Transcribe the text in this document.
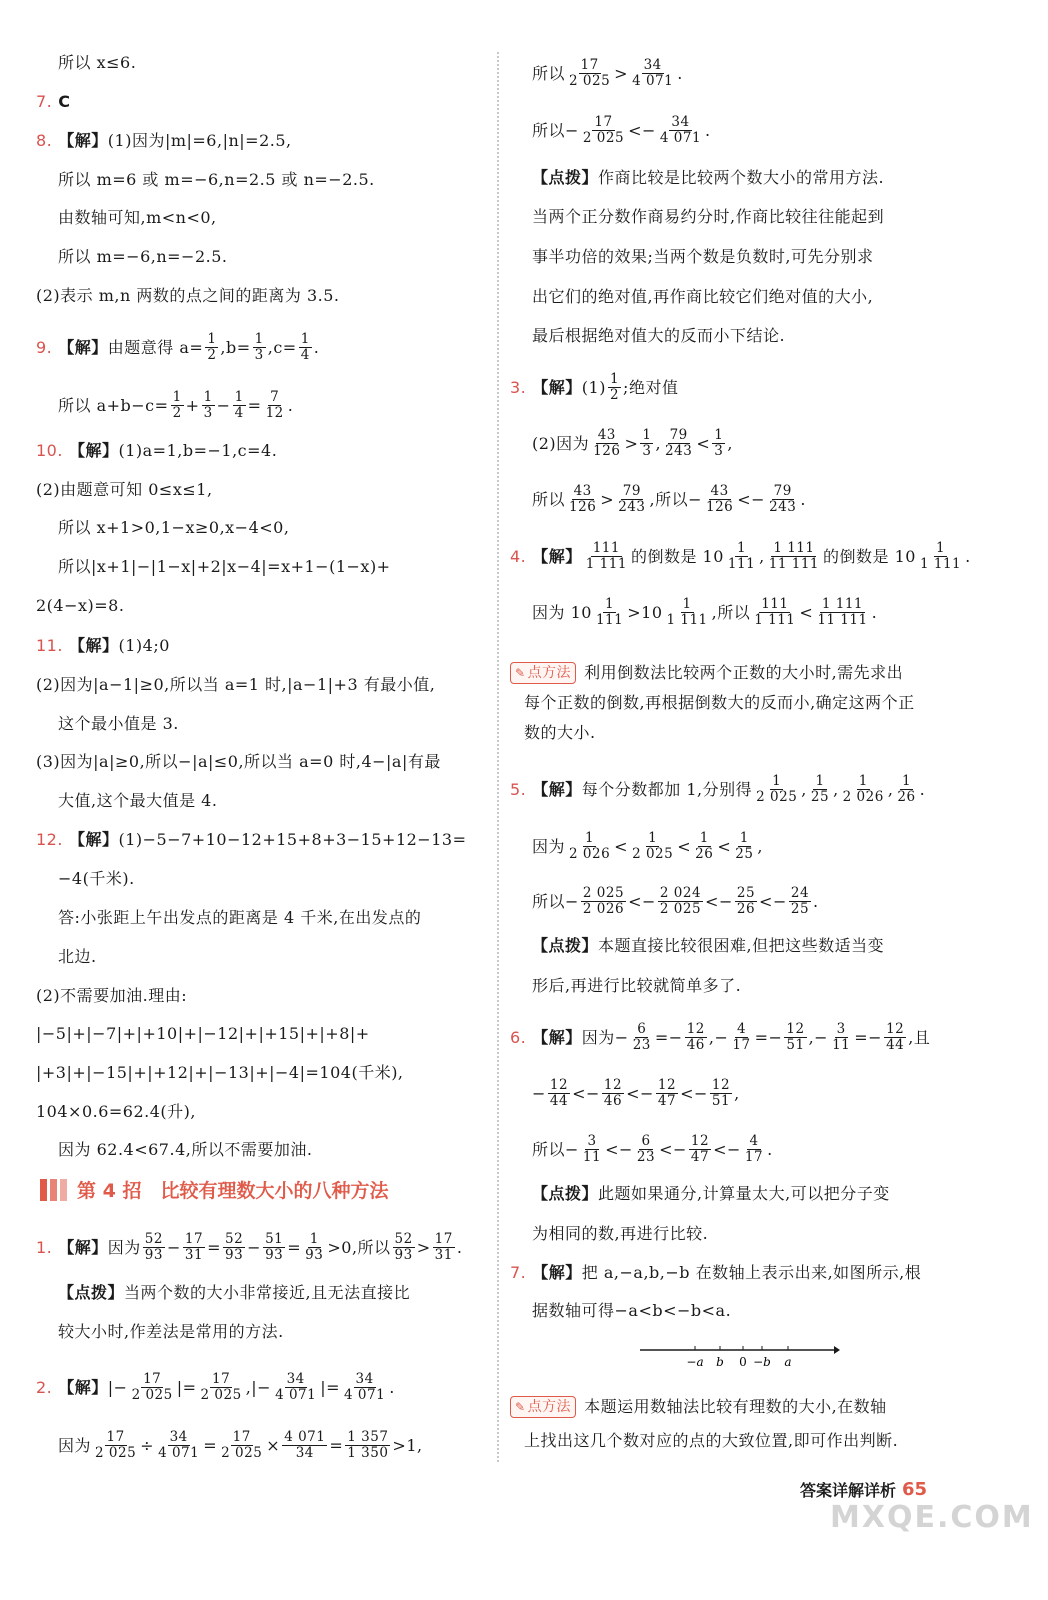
所以 x≤6.
7. C
8. 【解】 (1)因为|m|=6,|n|=2.5,
所以 m=6 或 m=−6,n=2.5 或 n=−2.5.
由数轴可知,m<n<0,
所以 m=−6,n=−2.5.
(2)表示 m,n 两数的点之间的距离为 3.5.
9. 【解】 由题意得 $a= \frac{1}{2} ,b= \frac{1}{3} ,c= \frac{1}{4}$ .
所以 $a+b-c= \frac{1}{2} + \frac{1}{3} - \frac{1}{4} = \frac{7}{12}$ .
10. 【解】 (1)a=1,b=−1,c=4.
(2)由题意可知 0≤x≤1,
所以 x+1>0,1−x≥0,x−4<0,
所以|x+1|−|1−x|+2|x−4|=x+1−(1−x)+
2(4−x)=8.
11. 【解】 (1)4;0
(2)因为|a−1|≥0,所以当 a=1 时,|a−1|+3 有最小值,
这个最小值是 3.
(3)因为|a|≥0,所以−|a|≤0,所以当 a=0 时,4−|a|有最
大值,这个最大值是 4.
12. 【解】 (1)−5−7+10−12+15+8+3−15+12−13=
−4(千米).
答:小张距上午出发点的距离是 4 千米,在出发点的
北边.
(2)不需要加油.理由:
|−5|+|−7|+|+10|+|−12|+|+15|+|+8|+
|+3|+|−15|+|+12|+|−13|+|−4|=104(千米),
104×0.6=62.4(升),
因为 62.4<67.4,所以不需要加油.
第 4 招　比较有理数大小的八种方法
1. 【解】 因为 $\frac{52}{93} - \frac{17}{31} = \frac{52}{93} - \frac{51}{93} = \frac{1}{93} >0$,所以 $\frac{52}{93} > \frac{17}{31}$ .
【点拨】 当两个数的大小非常接近,且无法直接比
较大小时,作差法是常用的方法.
2. 【解】 |− $\frac{17}{2 025}$ |= $\frac{17}{2 025}$ ,|− $\frac{34}{4 071}$ |= $\frac{34}{4 071}$ .
因为 $\frac{17}{2 025} \div \frac{34}{4 071} = \frac{17}{2 025} \times \frac{4 071}{34} = \frac{1 357}{1 350} >1$,
所以 $\frac{17}{2 025} > \frac{34}{4 071}$ .
所以− $\frac{17}{2 025} <- \frac{34}{4 071}$ .
【点拨】 作商比较是比较两个数大小的常用方法.
当两个正分数作商易约分时,作商比较往往能起到
事半功倍的效果;当两个数是负数时,可先分别求
出它们的绝对值,再作商比较它们绝对值的大小,
最后根据绝对值大的反而小下结论.
3. 【解】 $(1) \frac{1}{2}$ ;绝对值
(2)因为 $\frac{43}{126} > \frac{1}{3}$ , $\frac{79}{243} < \frac{1}{3}$ ,
所以 $\frac{43}{126} > \frac{79}{243}$ ,所以− $\frac{43}{126} <- \frac{79}{243}$ .
4. 【解】 $\frac{111}{1 111}$ 的倒数是 $10 \frac{1}{111}$ , $\frac{1 111}{11 111}$ 的倒数是 $10 \frac{1}{1 111}$ .
因为 $10 \frac{1}{111} >10 \frac{1}{1 111}$ ,所以 $\frac{111}{1 111} < \frac{1 111}{11 111}$ .
✎ 点方法 利用倒数法比较两个正数的大小时,需先求出
每个正数的倒数,再根据倒数大的反而小,确定这两个正
数的大小.
5. 【解】 每个分数都加 1,分别得 $\frac{1}{2 025}$ , $\frac{1}{25}$ , $\frac{1}{2 026}$ , $\frac{1}{26}$ .
因为 $\frac{1}{2 026} < \frac{1}{2 025} < \frac{1}{26} < \frac{1}{25}$ ,
所以− $\frac{2 025}{2 026} <- \frac{2 024}{2 025} <- \frac{25}{26} <- \frac{24}{25}$ .
【点拨】 本题直接比较很困难,但把这些数适当变
形后,再进行比较就简单多了.
6. 【解】 因为− $\frac{6}{23} =- \frac{12}{46}$ ,− $\frac{4}{17} =- \frac{12}{51}$ ,− $\frac{3}{11} =- \frac{12}{44}$ ,且
− $\frac{12}{44} <- \frac{12}{46} <- \frac{12}{47} <- \frac{12}{51}$ ,
所以− $\frac{3}{11} <- \frac{6}{23} <- \frac{12}{47} <- \frac{4}{17}$ .
【点拨】 此题如果通分,计算量太大,可以把分子变
为相同的数,再进行比较.
7. 【解】 把 a,−a,b,−b 在数轴上表示出来,如图所示,根
据数轴可得−a<b<−b<a.
✎ 点方法 本题运用数轴法比较有理数的大小,在数轴
上找出这几个数对应的点的大致位置,即可作出判断.
−a b 0 −b a
答案详解详析 65
MXQE.COM
